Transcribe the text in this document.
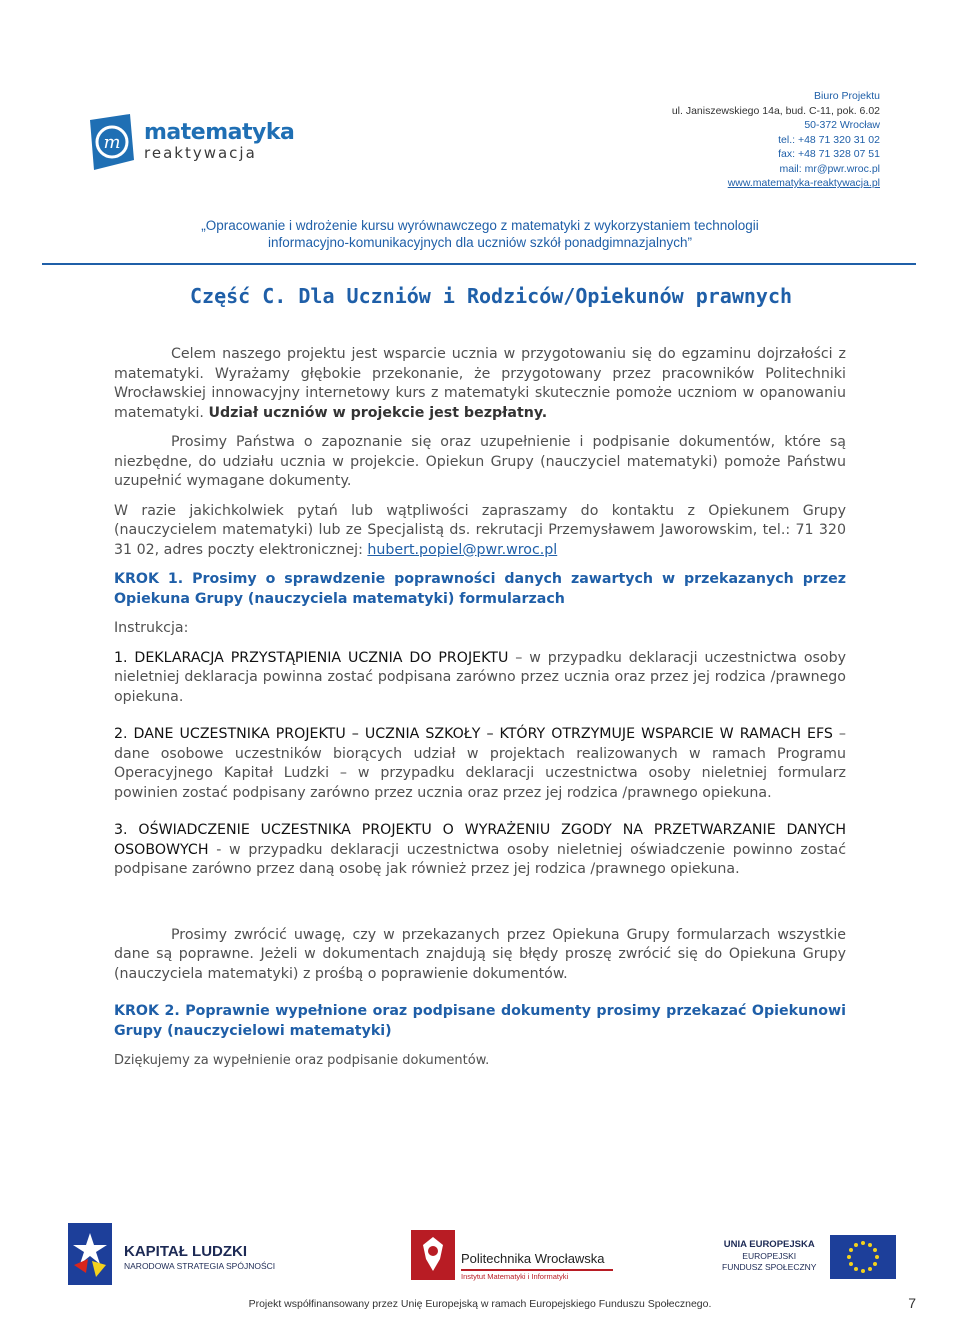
m matematyka
reaktywacja
Biuro Projektu
ul. Janiszewskiego 14a, bud. C-11, pok. 6.02
50-372 Wrocław
tel.: +48 71 320 31 02
fax: +48 71 328 07 51
mail: mr@pwr.wroc.pl
www.matematyka-reaktywacja.pl
„Opracowanie i wdrożenie kursu wyrównawczego z matematyki z wykorzystaniem technologii
informacyjno-komunikacyjnych dla uczniów szkół ponadgimnazjalnych”
Część C. Dla Uczniów i Rodziców/Opiekunów prawnych

Celem naszego projektu jest wsparcie ucznia w przygotowaniu się do egzaminu dojrzałości z matematyki. Wyrażamy głębokie przekonanie, że przygotowany przez pracowników Politechniki Wrocławskiej innowacyjny internetowy kurs z matematyki skutecznie pomoże uczniom w opanowaniu matematyki. Udział uczniów w projekcie jest bezpłatny.

Prosimy Państwa o zapoznanie się oraz uzupełnienie i podpisanie dokumentów, które są niezbędne, do udziału ucznia w projekcie. Opiekun Grupy (nauczyciel matematyki) pomoże Państwu uzupełnić wymagane dokumenty.

W razie jakichkolwiek pytań lub wątpliwości zapraszamy do kontaktu z Opiekunem Grupy (nauczycielem matematyki) lub ze Specjalistą ds. rekrutacji Przemysławem Jaworowskim, tel.: 71 320 31 02, adres poczty elektronicznej: hubert.popiel@pwr.wroc.pl

KROK 1. Prosimy o sprawdzenie poprawności danych zawartych w przekazanych przez Opiekuna Grupy (nauczyciela matematyki) formularzach

Instrukcja:

1. DEKLARACJA PRZYSTĄPIENIA UCZNIA DO PROJEKTU – w przypadku deklaracji uczestnictwa osoby nieletniej deklaracja powinna zostać podpisana zarówno przez ucznia oraz przez jej rodzica /prawnego opiekuna.

2. DANE UCZESTNIKA PROJEKTU – UCZNIA SZKOŁY – KTÓRY OTRZYMUJE WSPARCIE W RAMACH EFS – dane osobowe uczestników biorących udział w projektach realizowanych w ramach Programu Operacyjnego Kapitał Ludzki – w przypadku deklaracji uczestnictwa osoby nieletniej formularz powinien zostać podpisany zarówno przez ucznia oraz przez jej rodzica /prawnego opiekuna.

3. OŚWIADCZENIE UCZESTNIKA PROJEKTU O WYRAŻENIU ZGODY NA PRZETWARZANIE DANYCH OSOBOWYCH - w przypadku deklaracji uczestnictwa osoby nieletniej oświadczenie powinno zostać podpisane zarówno przez daną osobę jak również przez jej rodzica /prawnego opiekuna.

Prosimy zwrócić uwagę, czy w przekazanych przez Opiekuna Grupy formularzach wszystkie dane są poprawne. Jeżeli w dokumentach znajdują się błędy proszę zwrócić się do Opiekuna Grupy (nauczyciela matematyki) z prośbą o poprawienie dokumentów.

KROK 2. Poprawnie wypełnione oraz podpisane dokumenty prosimy przekazać Opiekunowi Grupy (nauczycielowi matematyki)

Dziękujemy za wypełnienie oraz podpisanie dokumentów.

KAPITAŁ LUDZKI
NARODOWA STRATEGIA SPÓJNOŚCI	Politechnika Wrocławska
Instytut Matematyki i Informatyki
UNIA EUROPEJSKA
EUROPEJSKI
FUNDUSZ SPOŁECZNY
Projekt współfinansowany przez Unię Europejską w ramach Europejskiego Funduszu Społecznego.	7
